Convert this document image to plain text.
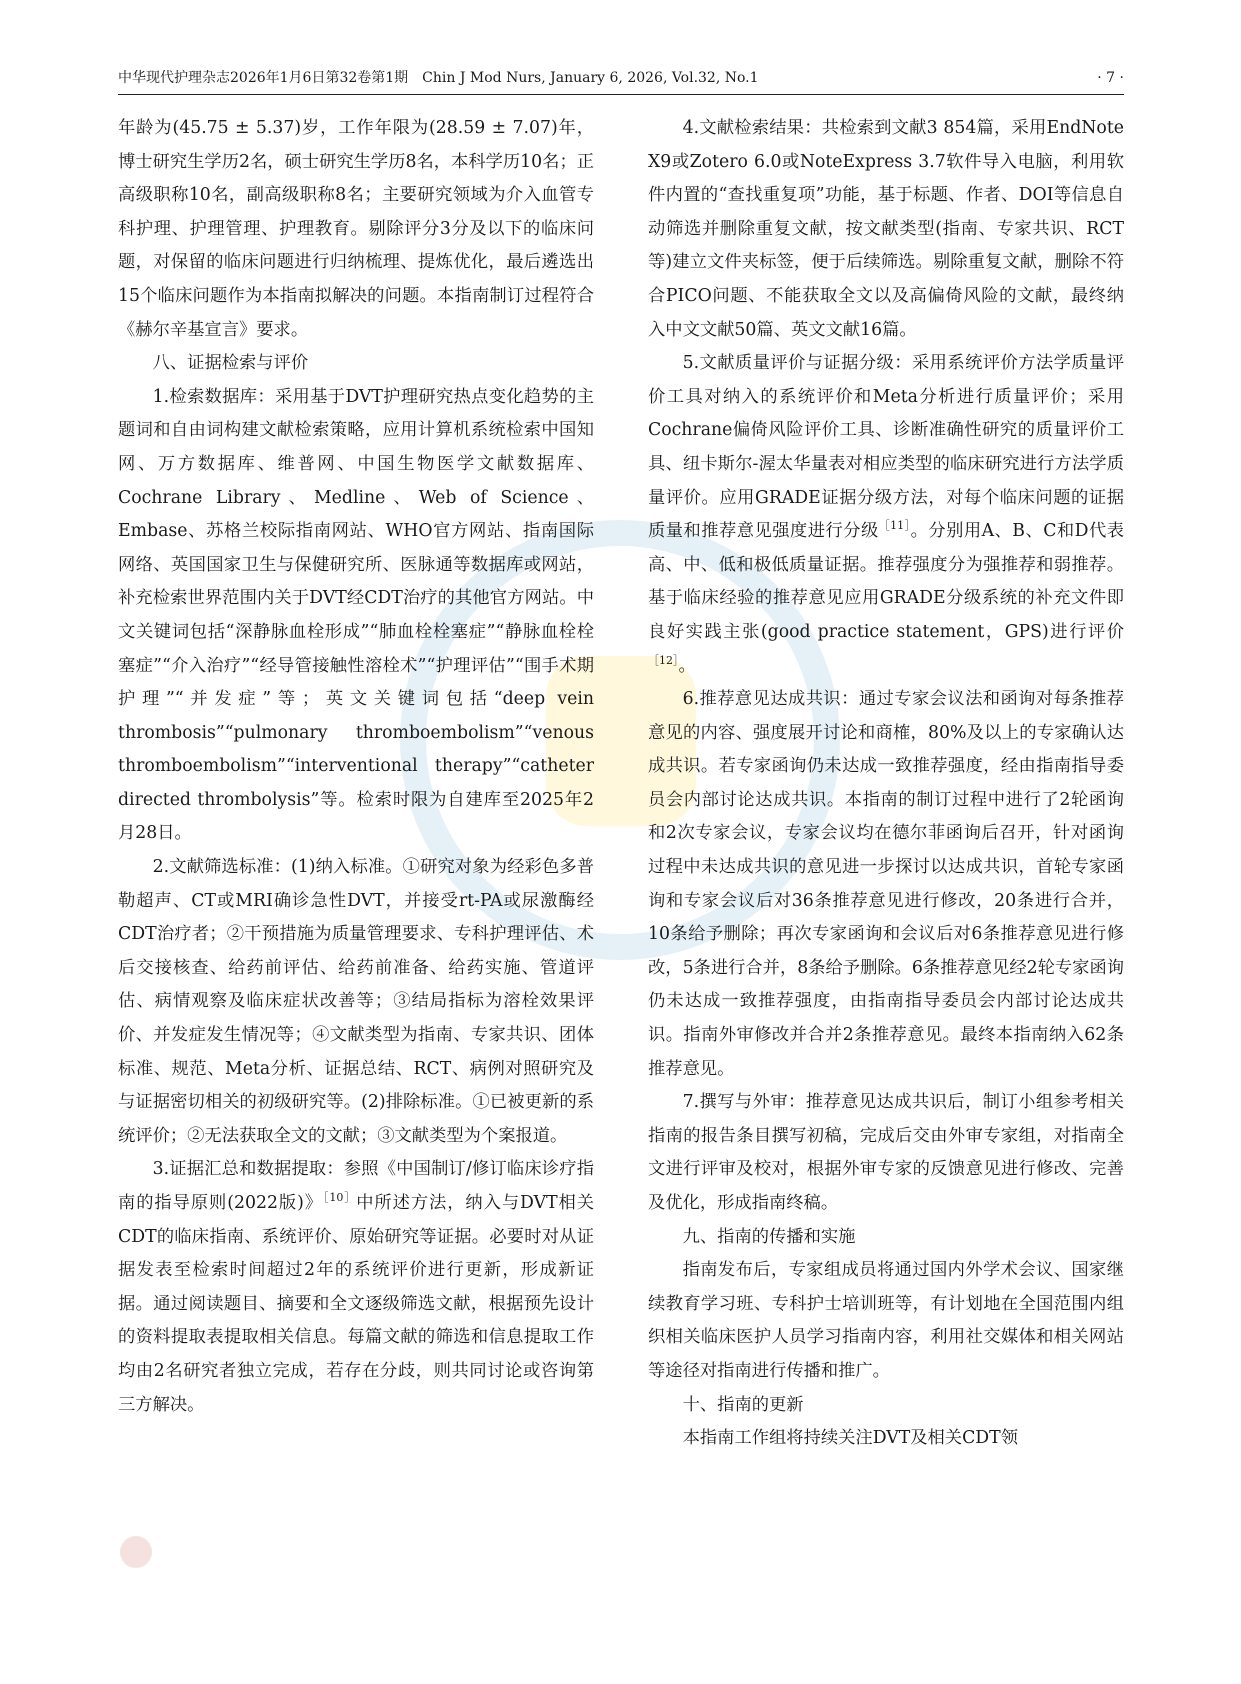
中华现代护理杂志2026年1月6日第32卷第1期　Chin J Mod Nurs, January 6, 2026, Vol.32, No.1	· 7 ·

年龄为(45.75 ± 5.37)岁，工作年限为(28.59 ± 7.07)年，博士研究生学历2名，硕士研究生学历8名，本科学历10名；正高级职称10名，副高级职称8名；主要研究领域为介入血管专科护理、护理管理、护理教育。剔除评分3分及以下的临床问题，对保留的临床问题进行归纳梳理、提炼优化，最后遴选出15个临床问题作为本指南拟解决的问题。本指南制订过程符合《赫尔辛基宣言》要求。

八、证据检索与评价

1.检索数据库：采用基于DVT护理研究热点变化趋势的主题词和自由词构建文献检索策略，应用计算机系统检索中国知网、万方数据库、维普网、中国生物医学文献数据库、Cochrane Library、Medline、Web of Science、Embase、苏格兰校际指南网站、WHO官方网站、指南国际网络、英国国家卫生与保健研究所、医脉通等数据库或网站，补充检索世界范围内关于DVT经CDT治疗的其他官方网站。中文关键词包括“深静脉血栓形成”“肺血栓栓塞症”“静脉血栓栓塞症”“介入治疗”“经导管接触性溶栓术”“护理评估”“围手术期护理”“并发症”等；英文关键词包括“deep vein thrombosis”“pulmonary thromboembolism”“venous thromboembolism”“interventional therapy”“catheter directed thrombolysis”等。检索时限为自建库至2025年2月28日。

2.文献筛选标准：(1)纳入标准。①研究对象为经彩色多普勒超声、CT或MRI确诊急性DVT，并接受rt-PA或尿激酶经CDT治疗者；②干预措施为质量管理要求、专科护理评估、术后交接核查、给药前评估、给药前准备、给药实施、管道评估、病情观察及临床症状改善等；③结局指标为溶栓效果评价、并发症发生情况等；④文献类型为指南、专家共识、团体标准、规范、Meta分析、证据总结、RCT、病例对照研究及与证据密切相关的初级研究等。(2)排除标准。①已被更新的系统评价；②无法获取全文的文献；③文献类型为个案报道。

3.证据汇总和数据提取：参照《中国制订/修订临床诊疗指南的指导原则(2022版)》$^{[10]}$中所述方法，纳入与DVT相关CDT的临床指南、系统评价、原始研究等证据。必要时对从证据发表至检索时间超过2年的系统评价进行更新，形成新证据。通过阅读题目、摘要和全文逐级筛选文献，根据预先设计的资料提取表提取相关信息。每篇文献的筛选和信息提取工作均由2名研究者独立完成，若存在分歧，则共同讨论或咨询第三方解决。

4.文献检索结果：共检索到文献3 854篇，采用EndNote X9或Zotero 6.0或NoteExpress 3.7软件导入电脑，利用软件内置的“查找重复项”功能，基于标题、作者、DOI等信息自动筛选并删除重复文献，按文献类型(指南、专家共识、RCT等)建立文件夹标签，便于后续筛选。剔除重复文献，删除不符合PICO问题、不能获取全文以及高偏倚风险的文献，最终纳入中文文献50篇、英文文献16篇。

5.文献质量评价与证据分级：采用系统评价方法学质量评价工具对纳入的系统评价和Meta分析进行质量评价；采用Cochrane偏倚风险评价工具、诊断准确性研究的质量评价工具、纽卡斯尔-渥太华量表对相应类型的临床研究进行方法学质量评价。应用GRADE证据分级方法，对每个临床问题的证据质量和推荐意见强度进行分级$^{[11]}$。分别用A、B、C和D代表高、中、低和极低质量证据。推荐强度分为强推荐和弱推荐。基于临床经验的推荐意见应用GRADE分级系统的补充文件即良好实践主张(good practice statement，GPS)进行评价$^{[12]}$。

6.推荐意见达成共识：通过专家会议法和函询对每条推荐意见的内容、强度展开讨论和商榷，80%及以上的专家确认达成共识。若专家函询仍未达成一致推荐强度，经由指南指导委员会内部讨论达成共识。本指南的制订过程中进行了2轮函询和2次专家会议，专家会议均在德尔菲函询后召开，针对函询过程中未达成共识的意见进一步探讨以达成共识，首轮专家函询和专家会议后对36条推荐意见进行修改，20条进行合并，10条给予删除；再次专家函询和会议后对6条推荐意见进行修改，5条进行合并，8条给予删除。6条推荐意见经2轮专家函询仍未达成一致推荐强度，由指南指导委员会内部讨论达成共识。指南外审修改并合并2条推荐意见。最终本指南纳入62条推荐意见。

7.撰写与外审：推荐意见达成共识后，制订小组参考相关指南的报告条目撰写初稿，完成后交由外审专家组，对指南全文进行评审及校对，根据外审专家的反馈意见进行修改、完善及优化，形成指南终稿。

九、指南的传播和实施

指南发布后，专家组成员将通过国内外学术会议、国家继续教育学习班、专科护士培训班等，有计划地在全国范围内组织相关临床医护人员学习指南内容，利用社交媒体和相关网站等途径对指南进行传播和推广。

十、指南的更新

本指南工作组将持续关注DVT及相关CDT领
